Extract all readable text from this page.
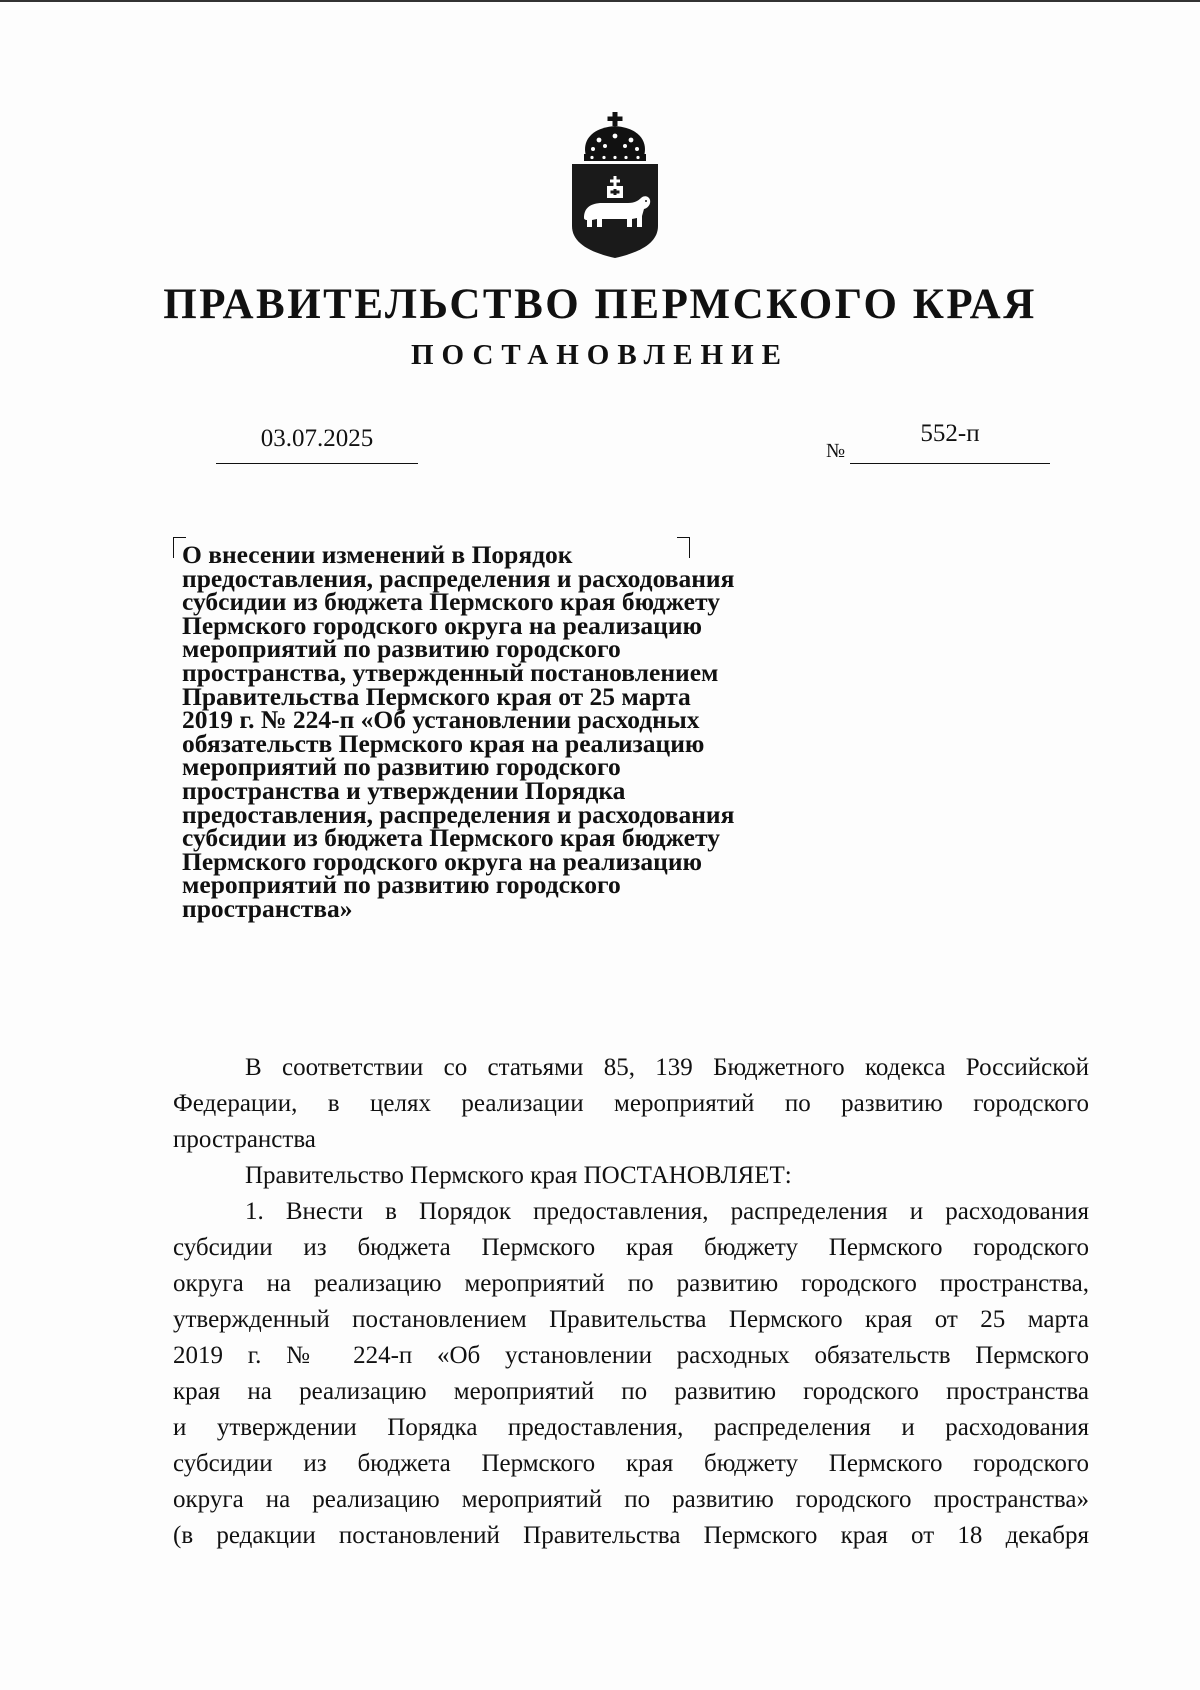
ПРАВИТЕЛЬСТВО ПЕРМСКОГО КРАЯ
ПОСТАНОВЛЕНИЕ
03.07.2025	№
552-п
О внесении изменений в Порядок
предоставления, распределения и расходования
субсидии из бюджета Пермского края бюджету
Пермского городского округа на реализацию
мероприятий по развитию городского
пространства, утвержденный постановлением
Правительства Пермского края от 25 марта
2019 г. № 224-п «Об установлении расходных
обязательств Пермского края на реализацию
мероприятий по развитию городского
пространства и утверждении Порядка
предоставления, распределения и расходования
субсидии из бюджета Пермского края бюджету
Пермского городского округа на реализацию
мероприятий по развитию городского
пространства»
В соответствии со статьями 85, 139 Бюджетного кодекса Российской
Федерации, в целях реализации мероприятий по развитию городского
пространства
Правительство Пермского края ПОСТАНОВЛЯЕТ:
1. Внести в Порядок предоставления, распределения и расходования
субсидии из бюджета Пермского края бюджету Пермского городского
округа на реализацию мероприятий по развитию городского пространства,
утвержденный постановлением Правительства Пермского края от 25 марта
2019 г. № 224-п «Об установлении расходных обязательств Пермского
края на реализацию мероприятий по развитию городского пространства
и утверждении Порядка предоставления, распределения и расходования
субсидии из бюджета Пермского края бюджету Пермского городского
округа на реализацию мероприятий по развитию городского пространства»
(в редакции постановлений Правительства Пермского края от 18 декабря
